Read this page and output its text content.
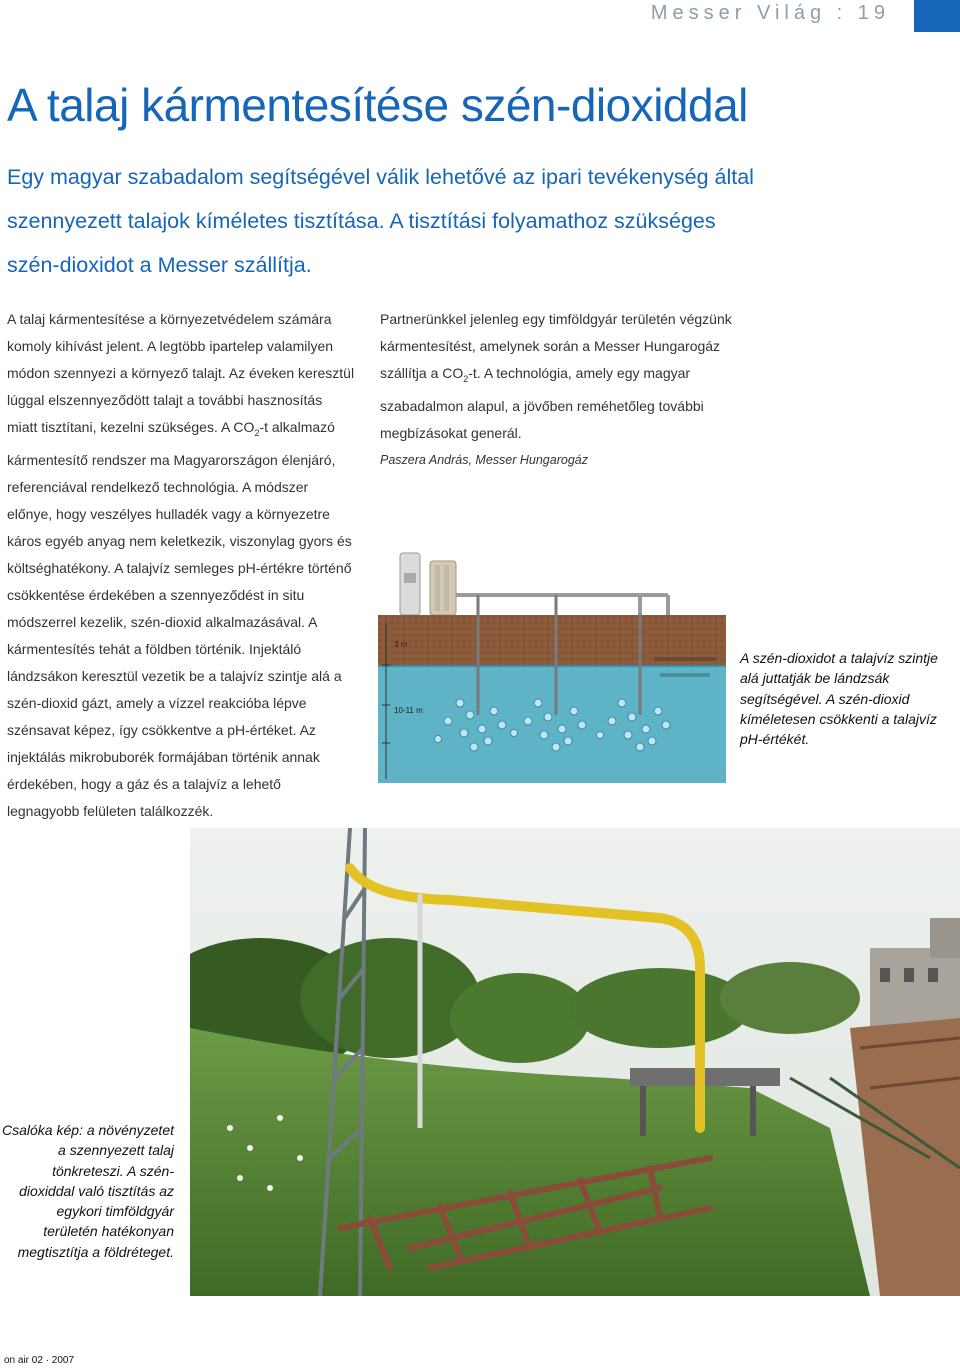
Messer Világ : 19
A talaj kármentesítése szén-dioxiddal
Egy magyar szabadalom segítségével válik lehetővé az ipari tevékenység által szennyezett talajok kíméletes tisztítása. A tisztítási folyamathoz szükséges szén-dioxidot a Messer szállítja.
A talaj kármentesítése a környezetvédelem számára komoly kihívást jelent. A legtöbb ipartelep valamilyen módon szennyezi a környező talajt. Az éveken keresztül lúggal elszennyeződött talajt a további hasznosítás miatt tisztítani, kezelni szükséges. A $CO_2-t$ alkalmazó kármentesítő rendszer ma Magyarországon élenjáró, referenciával rendelkező technológia. A módszer előnye, hogy veszélyes hulladék vagy a környezetre káros egyéb anyag nem keletkezik, viszonylag gyors és költséghatékony. A talajvíz semleges pH-értékre történő csökkentése érdekében a szennyeződést in situ módszerrel kezelik, szén-dioxid alkalmazásával. A kármentesítés tehát a földben történik. Injektáló lándzsákon keresztül vezetik be a talajvíz szintje alá a szén-dioxid gázt, amely a vízzel reakcióba lépve szénsavat képez, így csökkentve a pH-értéket. Az injektálás mikrobuborék formájában történik annak érdekében, hogy a gáz és a talajvíz a lehető legnagyobb felületen találkozzék.
Partnerünkkel jelenleg egy timföldgyár területén végzünk kármentesítést, amelynek során a Messer Hungarogáz szállítja a $CO_2-t$. A technológia, amely egy magyar szabadalmon alapul, a jövőben reméhetőleg további megbízásokat generál.
Paszera András, Messer Hungarogáz
3 m
10-11 m
A szén-dioxidot a talajvíz szintje alá juttatják be lándzsák segítségével. A szén-dioxid kíméletesen csökkenti a talajvíz pH-értékét.
Csalóka kép: a növényzetet a szennyezett talaj tönkreteszi. A szén-dioxiddal való tisztítás az egykori timföldgyár területén hatékonyan megtisztítja a földréteget.
on air 02 · 2007
